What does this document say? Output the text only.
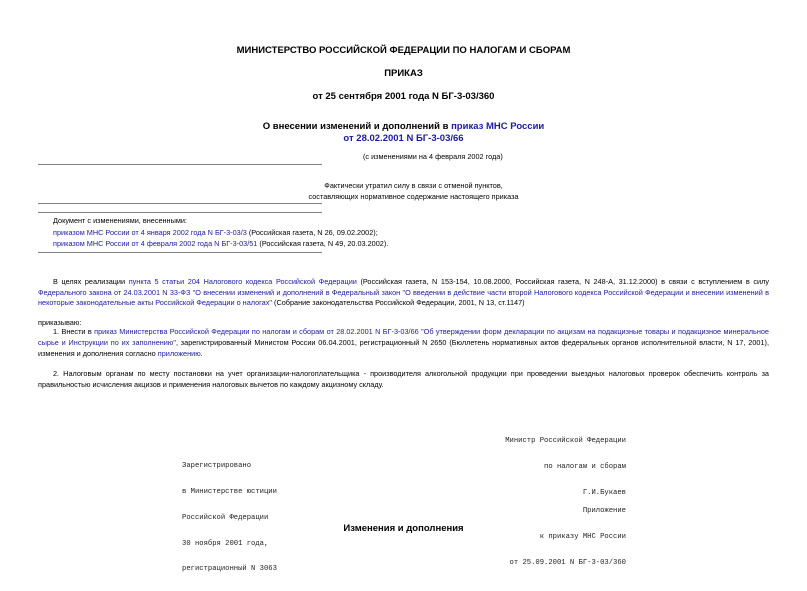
МИНИСТЕРСТВО РОССИЙСКОЙ ФЕДЕРАЦИИ ПО НАЛОГАМ И СБОРАМ
ПРИКАЗ
от 25 сентября 2001 года N БГ-3-03/360
О внесении изменений и дополнений в приказ МНС России
от 28.02.2001 N БГ-3-03/66
(с изменениями на 4 февраля 2002 года)
Фактически утратил силу в связи с отменой пунктов,
составляющих нормативное содержание настоящего приказа
Документ с изменениями, внесенными:
приказом МНС России от 4 января 2002 года N БГ-3-03/3 (Российская газета, N 26, 09.02.2002);
приказом МНС России от 4 февраля 2002 года N БГ-3-03/51 (Российская газета, N 49, 20.03.2002).
В целях реализации пункта 5 статьи 204 Налогового кодекса Российской Федерации (Российская газета, N 153-154, 10.08.2000, Российская газета, N 248-А, 31.12.2000) в связи с вступлением в силу Федерального закона от 24.03.2001 N 33-ФЗ "О внесении изменений и дополнений в Федеральный закон "О введении в действие части второй Налогового кодекса Российской Федерации и внесении изменений в некоторые законодательные акты Российской Федерации о налогах" (Собрание законодательства Российской Федерации, 2001, N 13, ст.1147)
приказываю:
1. Внести в приказ Министерства Российской Федерации по налогам и сборам от 28.02.2001 N БГ-3-03/66 "Об утверждении форм декларации по акцизам на подакцизные товары и подакцизное минеральное сырье и Инструкции по их заполнению", зарегистрированный Министом России 06.04.2001, регистрационный N 2650 (Бюллетень нормативных актов федеральных органов исполнительной власти, N 17, 2001), изменения и дополнения согласно приложению.
2. Налоговым органам по месту постановки на учет организации-налогоплательщика - производителя алкогольной продукции при проведении выездных налоговых проверок обеспечить контроль за правильностью исчисления акцизов и применения налоговых вычетов по каждому акцизному складу.

Министр Российской Федерации

по налогам и сборам

Г.И.Букаев

Зарегистрировано

в Министерстве юстиции

Российской Федерации

30 ноября 2001 года,

регистрационный N 3063

Приложение

к приказу МНС России

от 25.09.2001 N БГ-3-03/360

Изменения и дополнения
